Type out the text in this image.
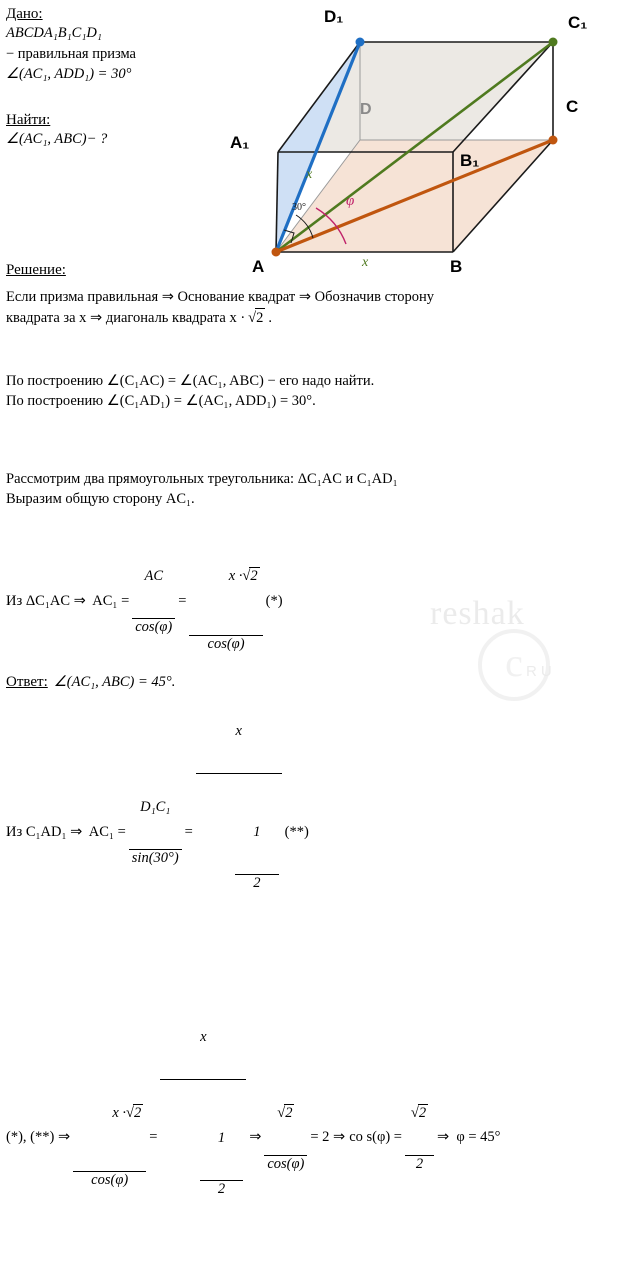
Дано:
ABCDA₁B₁C₁D₁
− правильная призма
∠(AC₁, ADD₁) = 30°
Найти:
∠(AC₁, ABC)− ?
D₁	C₁
A₁
B₁
D	C
A	B
x
x
30°	φ
Решение:
Если призма правильная ⇒ Основание квадрат ⇒ Обозначив сторону
квадрата за x ⇒ диагональ квадрата x · √2 .
По построению ∠(C₁AC) = ∠(AC₁, ABC) − его надо найти.
По построению ∠(C₁AD₁) = ∠(AC₁, ADD₁) = 30°.
Рассмотрим два прямоугольных треугольника: ΔC₁AC и C₁AD₁
Выразим общую сторону AC₁.
Из ΔC₁AC ⇒  AC₁ =

$\frac{AC}{\cos(\varphi)}$

=

$\frac{x \cdot√2}{\cos(\varphi)}$

(*)
Из C₁AD₁ ⇒  AC₁ =

$\frac{\text{D₁C₁}}{\sin(30^\circ)}$

=

$\frac{x}{\frac{1}{2}}$

(**)
(*), (**) ⇒

$\frac{x \cdot√2}{\cos(\varphi)}$

=

$\frac{x}{\frac{1}{2}}$

⇒

$\frac{√2}{\cos(\varphi)}$

= 2 ⇒ co s(φ) =

$\frac{√2}{2}$

⇒  φ = 45°
Ответ: ∠(AC₁, ABC) = 45°.
reshak
c RU
